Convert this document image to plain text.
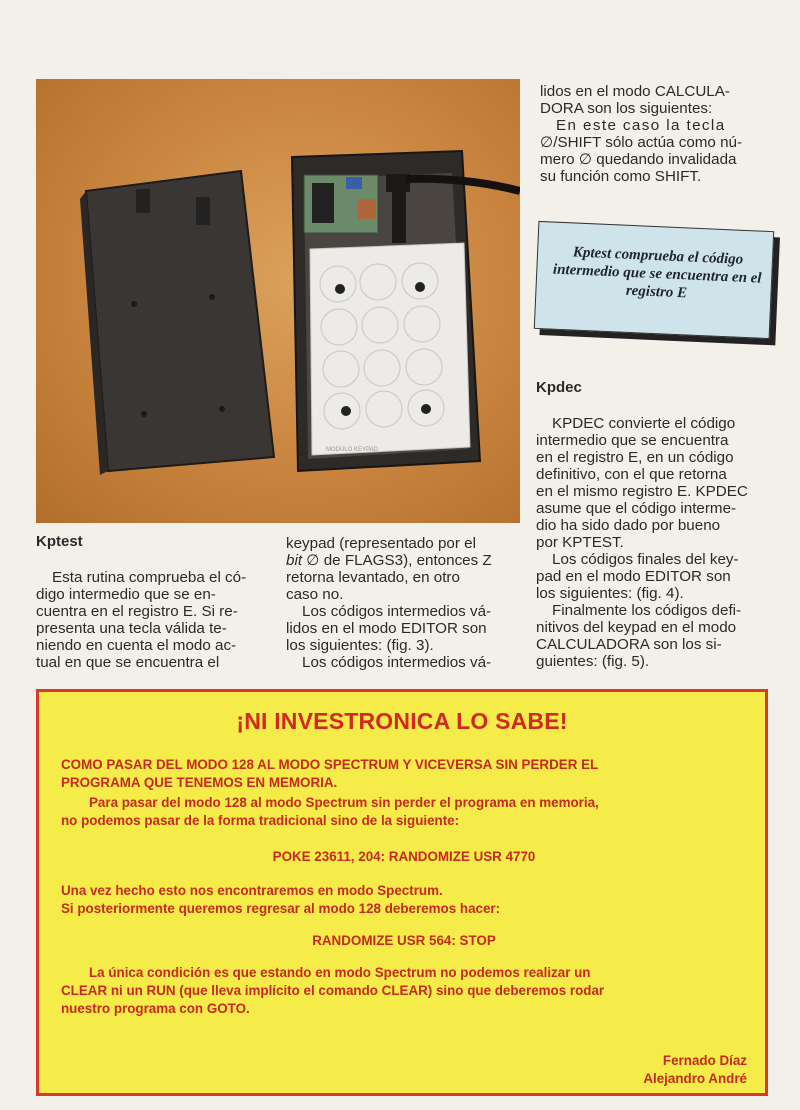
MODULO KEYPAD

lidos en el modo CALCULA-

DORA son los siguientes:

En este caso la tecla

∅/SHIFT sólo actúa como nú-

mero ∅ quedando invalidada

su función como SHIFT.

Kptest comprueba el código intermedio que se encuentra en el registro E
Kpdec

KPDEC convierte el código

intermedio que se encuentra

en el registro E, en un código

definitivo, con el que retorna

en el mismo registro E. KPDEC

asume que el código interme-

dio ha sido dado por bueno

por KPTEST.

Los códigos finales del key-

pad en el modo EDITOR son

los siguientes: (fig. 4).

Finalmente los códigos defi-

nitivos del keypad en el modo

CALCULADORA son los si-

guientes: (fig. 5).

Kptest

Esta rutina comprueba el có-

digo intermedio que se en-

cuentra en el registro E. Si re-

presenta una tecla válida te-

niendo en cuenta el modo ac-

tual en que se encuentra el

keypad (representado por el

bit ∅ de FLAGS3), entonces Z

retorna levantado, en otro

caso no.

Los códigos intermedios vá-

lidos en el modo EDITOR son

los siguientes: (fig. 3).

Los códigos intermedios vá-

¡NI INVESTRONICA LO SABE!

COMO PASAR DEL MODO 128 AL MODO SPECTRUM Y VICEVERSA SIN PERDER EL

PROGRAMA QUE TENEMOS EN MEMORIA.

Para pasar del modo 128 al modo Spectrum sin perder el programa en memoria,

no podemos pasar de la forma tradicional sino de la siguiente:

POKE 23611, 204: RANDOMIZE USR 4770

Una vez hecho esto nos encontraremos en modo Spectrum.

Si posteriormente queremos regresar al modo 128 deberemos hacer:

RANDOMIZE USR 564: STOP

La única condición es que estando en modo Spectrum no podemos realizar un

CLEAR ni un RUN (que lleva implícito el comando CLEAR) sino que deberemos rodar

nuestro programa con GOTO.

Fernado Díaz

Alejandro André
